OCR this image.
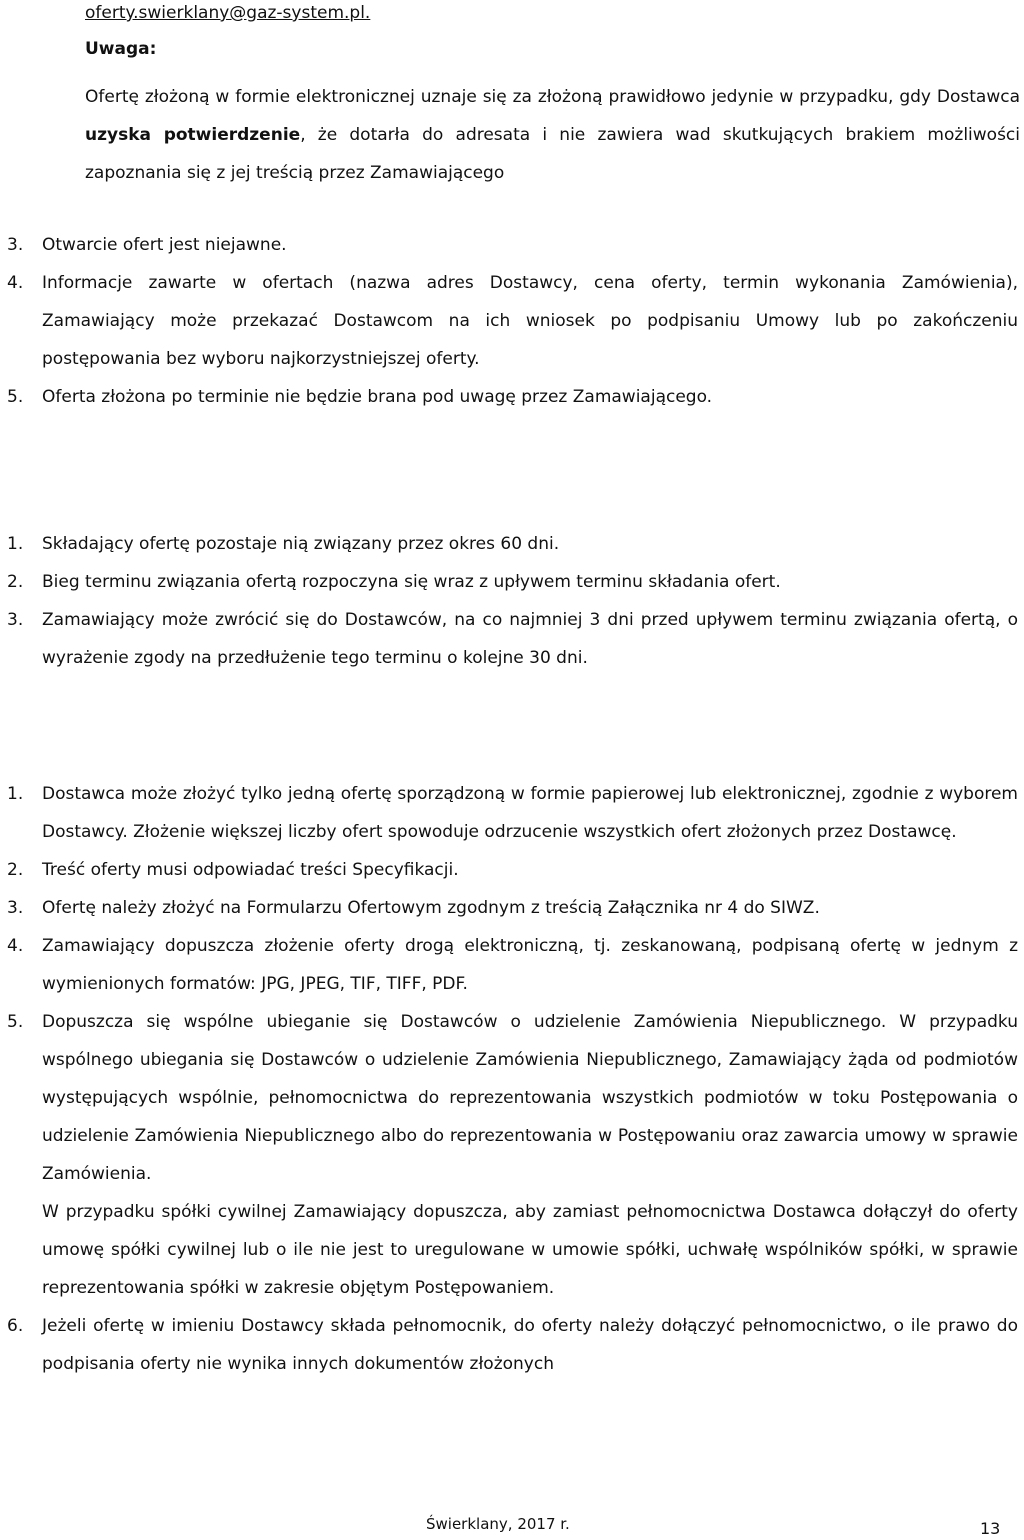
oferty.swierklany@gaz-system.pl.
Uwaga:
Ofertę złożoną w formie elektronicznej uznaje się za złożoną prawidłowo jedynie w przypadku, gdy Dostawca uzyska potwierdzenie, że dotarła do adresata i nie zawiera wad skutkujących brakiem możliwości zapoznania się z jej treścią przez Zamawiającego
3.	Otwarcie ofert jest niejawne.
4.	Informacje zawarte w ofertach (nazwa adres Dostawcy, cena oferty, termin wykonania Zamówienia), Zamawiający może przekazać Dostawcom na ich wniosek po podpisaniu Umowy lub po zakończeniu postępowania bez wyboru najkorzystniejszej oferty.
5.	Oferta złożona po terminie nie będzie brana pod uwagę przez Zamawiającego.
1.	Składający ofertę pozostaje nią związany przez okres 60 dni.
2.	Bieg terminu związania ofertą rozpoczyna się wraz z upływem terminu składania ofert.
3.	Zamawiający może zwrócić się do Dostawców, na co najmniej 3 dni przed upływem terminu związania ofertą, o wyrażenie zgody na przedłużenie tego terminu o kolejne 30 dni.
1.	Dostawca może złożyć tylko jedną ofertę sporządzoną w formie papierowej lub elektronicznej, zgodnie z wyborem Dostawcy. Złożenie większej liczby ofert spowoduje odrzucenie wszystkich ofert złożonych przez Dostawcę.
2.	Treść oferty musi odpowiadać treści Specyfikacji.
3.	Ofertę należy złożyć na Formularzu Ofertowym zgodnym z treścią Załącznika nr 4 do SIWZ.
4.	Zamawiający dopuszcza złożenie oferty drogą elektroniczną, tj. zeskanowaną, podpisaną ofertę w jednym z wymienionych formatów: JPG, JPEG, TIF, TIFF, PDF.
5.	Dopuszcza się wspólne ubieganie się Dostawców o udzielenie Zamówienia Niepublicznego. W przypadku wspólnego ubiegania się Dostawców o udzielenie Zamówienia Niepublicznego, Zamawiający żąda od podmiotów występujących wspólnie, pełnomocnictwa do reprezentowania wszystkich podmiotów w toku Postępowania o udzielenie Zamówienia Niepublicznego albo do reprezentowania w Postępowaniu oraz zawarcia umowy w sprawie Zamówienia.
W przypadku spółki cywilnej Zamawiający dopuszcza, aby zamiast pełnomocnictwa Dostawca dołączył do oferty umowę spółki cywilnej lub o ile nie jest to uregulowane w umowie spółki, uchwałę wspólników spółki, w sprawie reprezentowania spółki w zakresie objętym Postępowaniem.
6.	Jeżeli ofertę w imieniu Dostawcy składa pełnomocnik, do oferty należy dołączyć pełnomocnictwo, o ile prawo do podpisania oferty nie wynika innych dokumentów złożonych
Świerklany, 2017 r.	13
